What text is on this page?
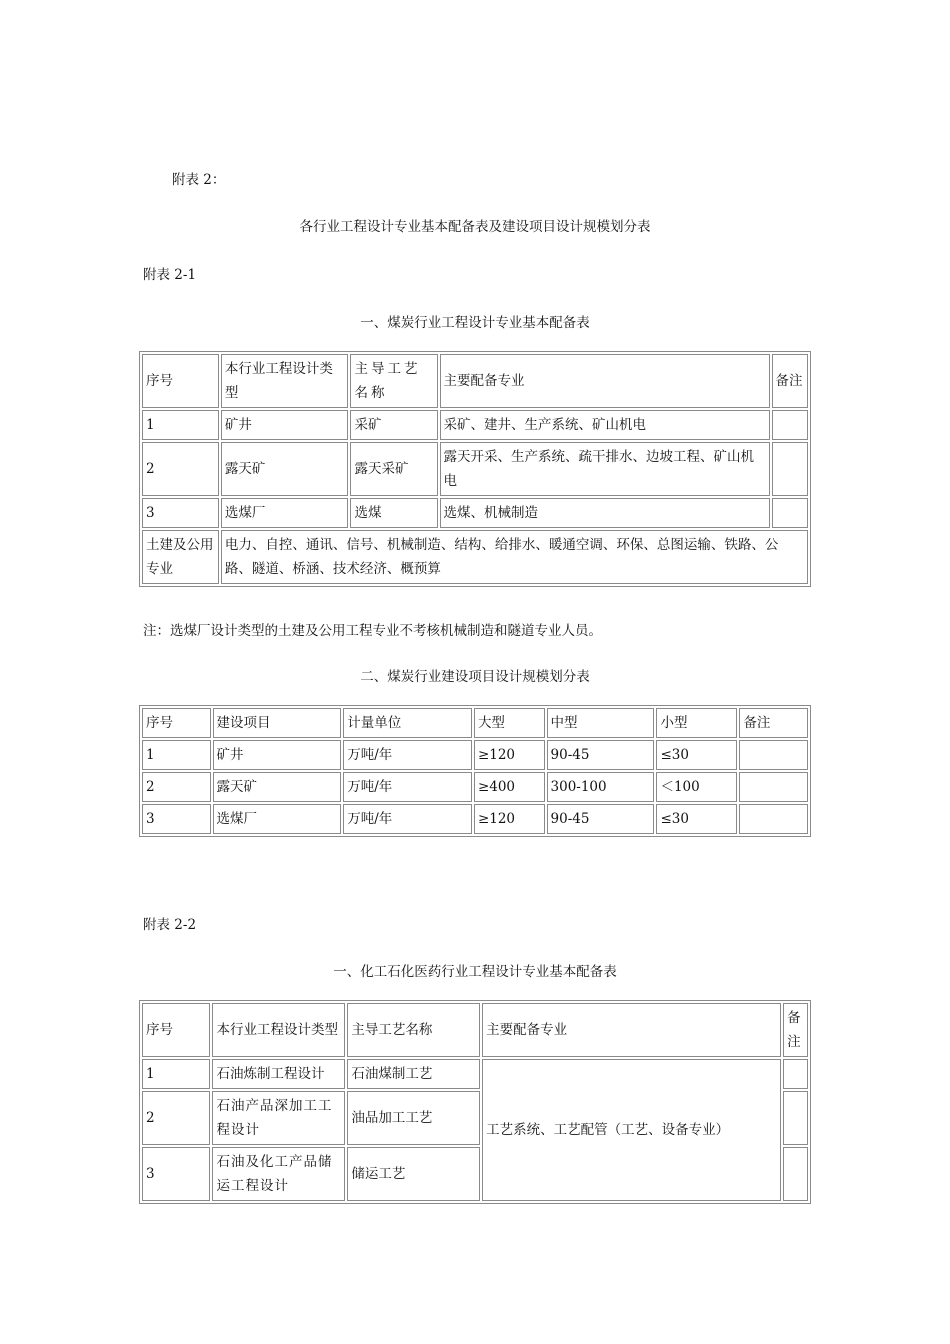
附表 2：
各行业工程设计专业基本配备表及建设项目设计规模划分表
附表 2-1
一、煤炭行业工程设计专业基本配备表
序号	本行业工程设计类型	主导工艺名称	主要配备专业	备注
1	矿井	采矿	采矿、建井、生产系统、矿山机电	
2	露天矿	露天采矿	露天开采、生产系统、疏干排水、边坡工程、矿山机电	
3	选煤厂	选煤	选煤、机械制造	
土建及公用专业	电力、自控、通讯、信号、机械制造、结构、给排水、暖通空调、环保、总图运输、铁路、公路、隧道、桥涵、技术经济、概预算			
注：选煤厂设计类型的土建及公用工程专业不考核机械制造和隧道专业人员。
二、煤炭行业建设项目设计规模划分表
序号	建设项目	计量单位	大型	中型	小型	备注
1	矿井	万吨/年	≥120	90-45	≤30	
2	露天矿	万吨/年	≥400	300-100	＜100	
3	选煤厂	万吨/年	≥120	90-45	≤30	
附表 2-2
一、化工石化医药行业工程设计专业基本配备表
序号	本行业工程设计类型	主导工艺名称	主要配备专业	备注
1	石油炼制工程设计	石油煤制工艺	工艺系统、工艺配管（工艺、设备专业）	
2	石油产品深加工工程设计	油品加工工艺		
3	石油及化工产品储运工程设计	储运工艺		
